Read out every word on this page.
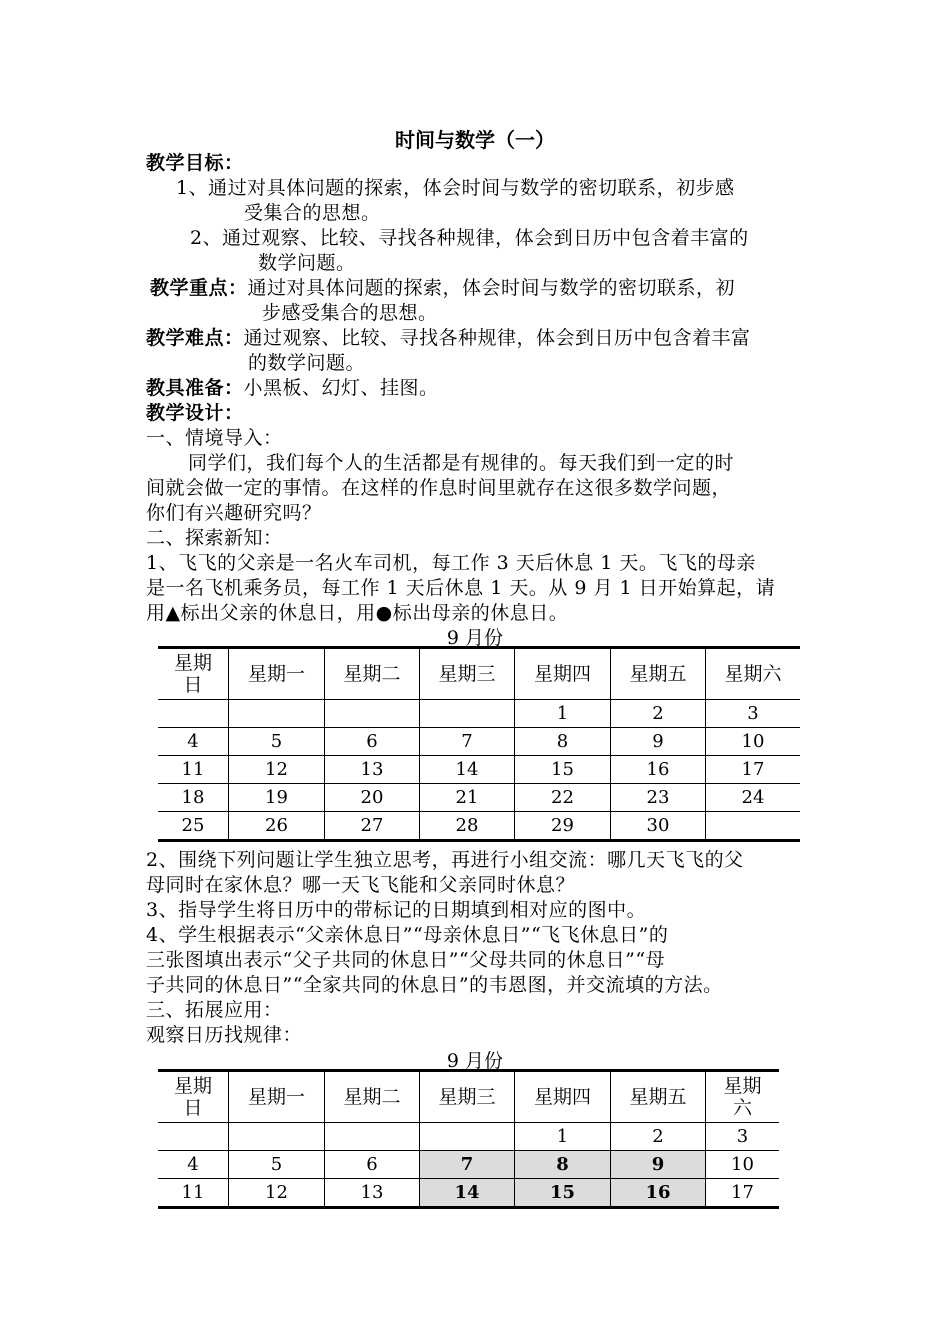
时间与数学（一）
教学目标：
1、通过对具体问题的探索，体会时间与数学的密切联系，初步感
受集合的思想。
2、通过观察、比较、寻找各种规律，体会到日历中包含着丰富的
数学问题。
教学重点：通过对具体问题的探索，体会时间与数学的密切联系，初
步感受集合的思想。
教学难点：通过观察、比较、寻找各种规律，体会到日历中包含着丰富
的数学问题。
教具准备：小黑板、幻灯、挂图。
教学设计：
一、情境导入：
同学们，我们每个人的生活都是有规律的。每天我们到一定的时
间就会做一定的事情。在这样的作息时间里就存在这很多数学问题，
你们有兴趣研究吗？
二、探索新知：
1、飞飞的父亲是一名火车司机，每工作 3 天后休息 1 天。飞飞的母亲
是一名飞机乘务员，每工作 1 天后休息 1 天。从 9 月 1 日开始算起，请
用▲标出父亲的休息日，用●标出母亲的休息日。
9 月份
星期
日	星期一	星期二	星期三	星期四	星期五	星期六
				1	2	3
4	5	6	7	8	9	10
11	12	13	14	15	16	17
18	19	20	21	22	23	24
25	26	27	28	29	30	
2、围绕下列问题让学生独立思考，再进行小组交流：哪几天飞飞的父
母同时在家休息？哪一天飞飞能和父亲同时休息？
3、指导学生将日历中的带标记的日期填到相对应的图中。
4、学生根据表示“父亲休息日”“母亲休息日”“飞飞休息日”的
三张图填出表示“父子共同的休息日”“父母共同的休息日”“母
子共同的休息日”“全家共同的休息日”的韦恩图，并交流填的方法。
三、拓展应用：
观察日历找规律：
9 月份
星期
日	星期一	星期二	星期三	星期四	星期五	星期
六
				1	2	3
4	5	6	7	8	9	10
11	12	13	14	15	16	17
